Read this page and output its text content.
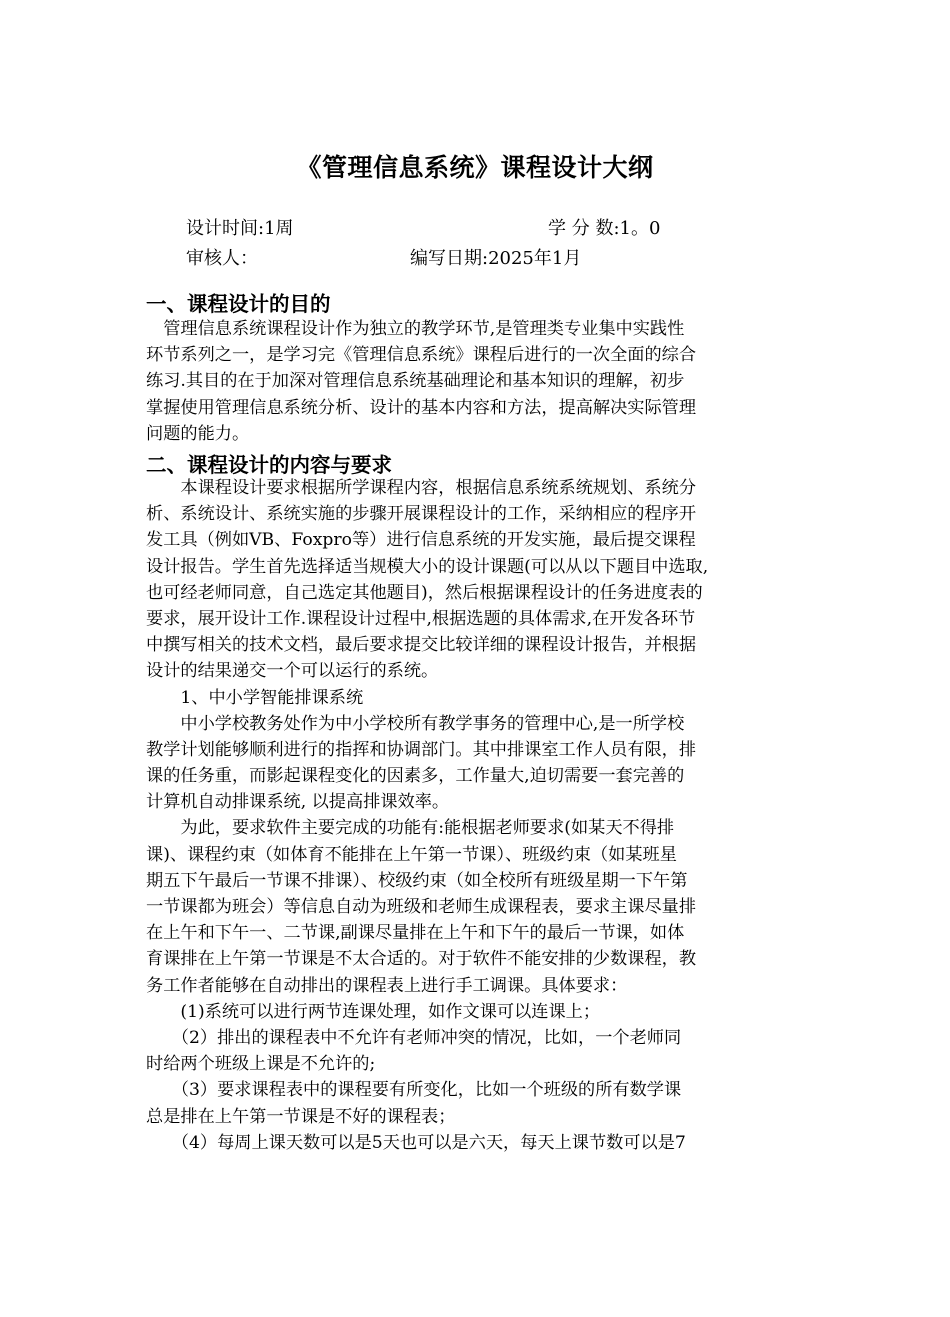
《管理信息系统》课程设计大纲
设计时间:1周	学 分 数:1。0
审核人：	编写日期:2025年1月
一、课程设计的目的
　管理信息系统课程设计作为独立的教学环节,是管理类专业集中实践性
环节系列之一，是学习完《管理信息系统》课程后进行的一次全面的综合
练习.其目的在于加深对管理信息系统基础理论和基本知识的理解，初步
掌握使用管理信息系统分析、设计的基本内容和方法，提高解决实际管理
问题的能力。
二、课程设计的内容与要求
　　本课程设计要求根据所学课程内容，根据信息系统系统规划、系统分
析、系统设计、系统实施的步骤开展课程设计的工作，采纳相应的程序开
发工具（例如VB、Foxpro等）进行信息系统的开发实施，最后提交课程
设计报告。学生首先选择适当规模大小的设计课题(可以从以下题目中选取,
也可经老师同意，自己选定其他题目)，然后根据课程设计的任务进度表的
要求，展开设计工作.课程设计过程中,根据选题的具体需求,在开发各环节
中撰写相关的技术文档，最后要求提交比较详细的课程设计报告，并根据
设计的结果递交一个可以运行的系统。
　　1、中小学智能排课系统
　　中小学校教务处作为中小学校所有教学事务的管理中心,是一所学校
教学计划能够顺利进行的指挥和协调部门。其中排课室工作人员有限，排
课的任务重，而影起课程变化的因素多，工作量大,迫切需要一套完善的
计算机自动排课系统, 以提高排课效率。
　　为此，要求软件主要完成的功能有:能根据老师要求(如某天不得排
课)、课程约束（如体育不能排在上午第一节课）、班级约束（如某班星
期五下午最后一节课不排课）、校级约束（如全校所有班级星期一下午第
一节课都为班会）等信息自动为班级和老师生成课程表，要求主课尽量排
在上午和下午一、二节课,副课尽量排在上午和下午的最后一节课，如体
育课排在上午第一节课是不太合适的。对于软件不能安排的少数课程，教
务工作者能够在自动排出的课程表上进行手工调课。具体要求：
　　(1)系统可以进行两节连课处理，如作文课可以连课上；
　　（2）排出的课程表中不允许有老师冲突的情况，比如，一个老师同
时给两个班级上课是不允许的;
　　（3）要求课程表中的课程要有所变化，比如一个班级的所有数学课
总是排在上午第一节课是不好的课程表；
　　（4）每周上课天数可以是5天也可以是六天，每天上课节数可以是7
